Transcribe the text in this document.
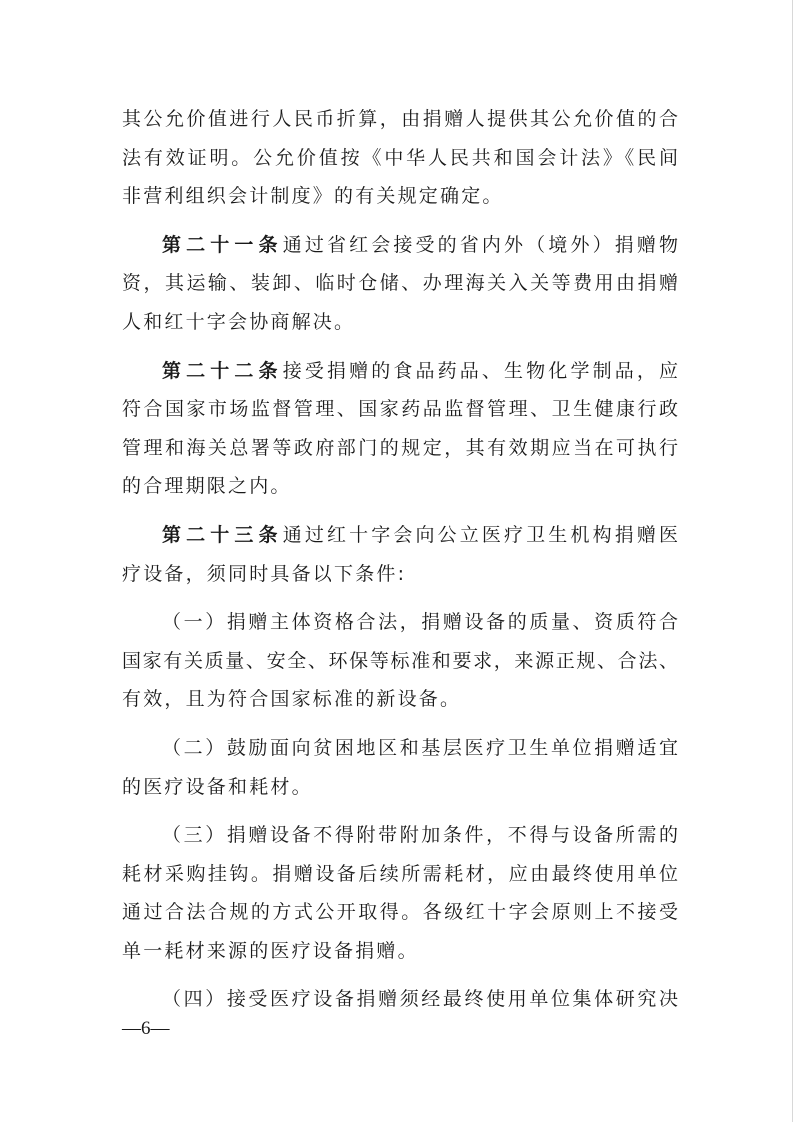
其公允价值进行人民币折算，由捐赠人提供其公允价值的合
法有效证明。公允价值按《中华人民共和国会计法》《民间
非营利组织会计制度》的有关规定确定。
第二十一条通过省红会接受的省内外（境外）捐赠物
资，其运输、装卸、临时仓储、办理海关入关等费用由捐赠
人和红十字会协商解决。
第二十二条接受捐赠的食品药品、生物化学制品，应
符合国家市场监督管理、国家药品监督管理、卫生健康行政
管理和海关总署等政府部门的规定，其有效期应当在可执行
的合理期限之内。
第二十三条通过红十字会向公立医疗卫生机构捐赠医
疗设备，须同时具备以下条件:
（一）捐赠主体资格合法，捐赠设备的质量、资质符合
国家有关质量、安全、环保等标准和要求，来源正规、合法、
有效，且为符合国家标准的新设备。
（二）鼓励面向贫困地区和基层医疗卫生单位捐赠适宜
的医疗设备和耗材。
（三）捐赠设备不得附带附加条件，不得与设备所需的
耗材采购挂钩。捐赠设备后续所需耗材，应由最终使用单位
通过合法合规的方式公开取得。各级红十字会原则上不接受
单一耗材来源的医疗设备捐赠。
（四）接受医疗设备捐赠须经最终使用单位集体研究决
—6—
